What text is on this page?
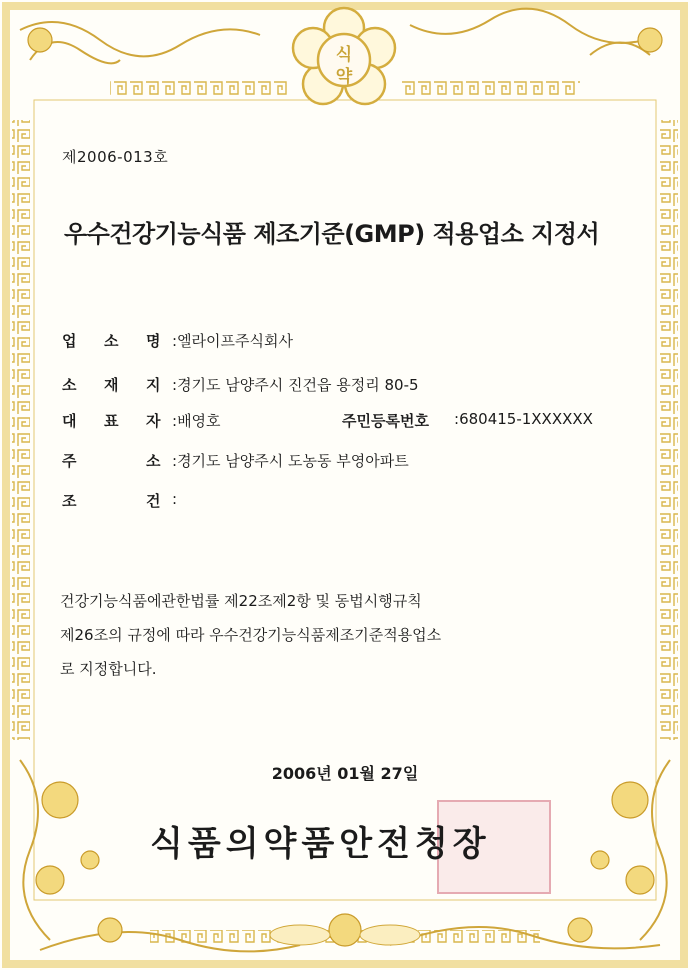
식
약
제2006-013호
우수건강기능식품 제조기준(GMP) 적용업소 지정서
업 소 명 :엘라이프주식회사
소 재 지 :경기도 남양주시 진건읍 용정리 80-5
대 표 자 :배영호	주민등록번호 :680415-1XXXXXX
주	소 :경기도 남양주시 도농동 부영아파트
조	건 :
건강기능식품에관한법률 제22조제2항 및 동법시행규칙
제26조의 규정에 따라 우수건강기능식품제조기준적용업소
로 지정합니다.
2006년 01월 27일
식품의약품안전청장
